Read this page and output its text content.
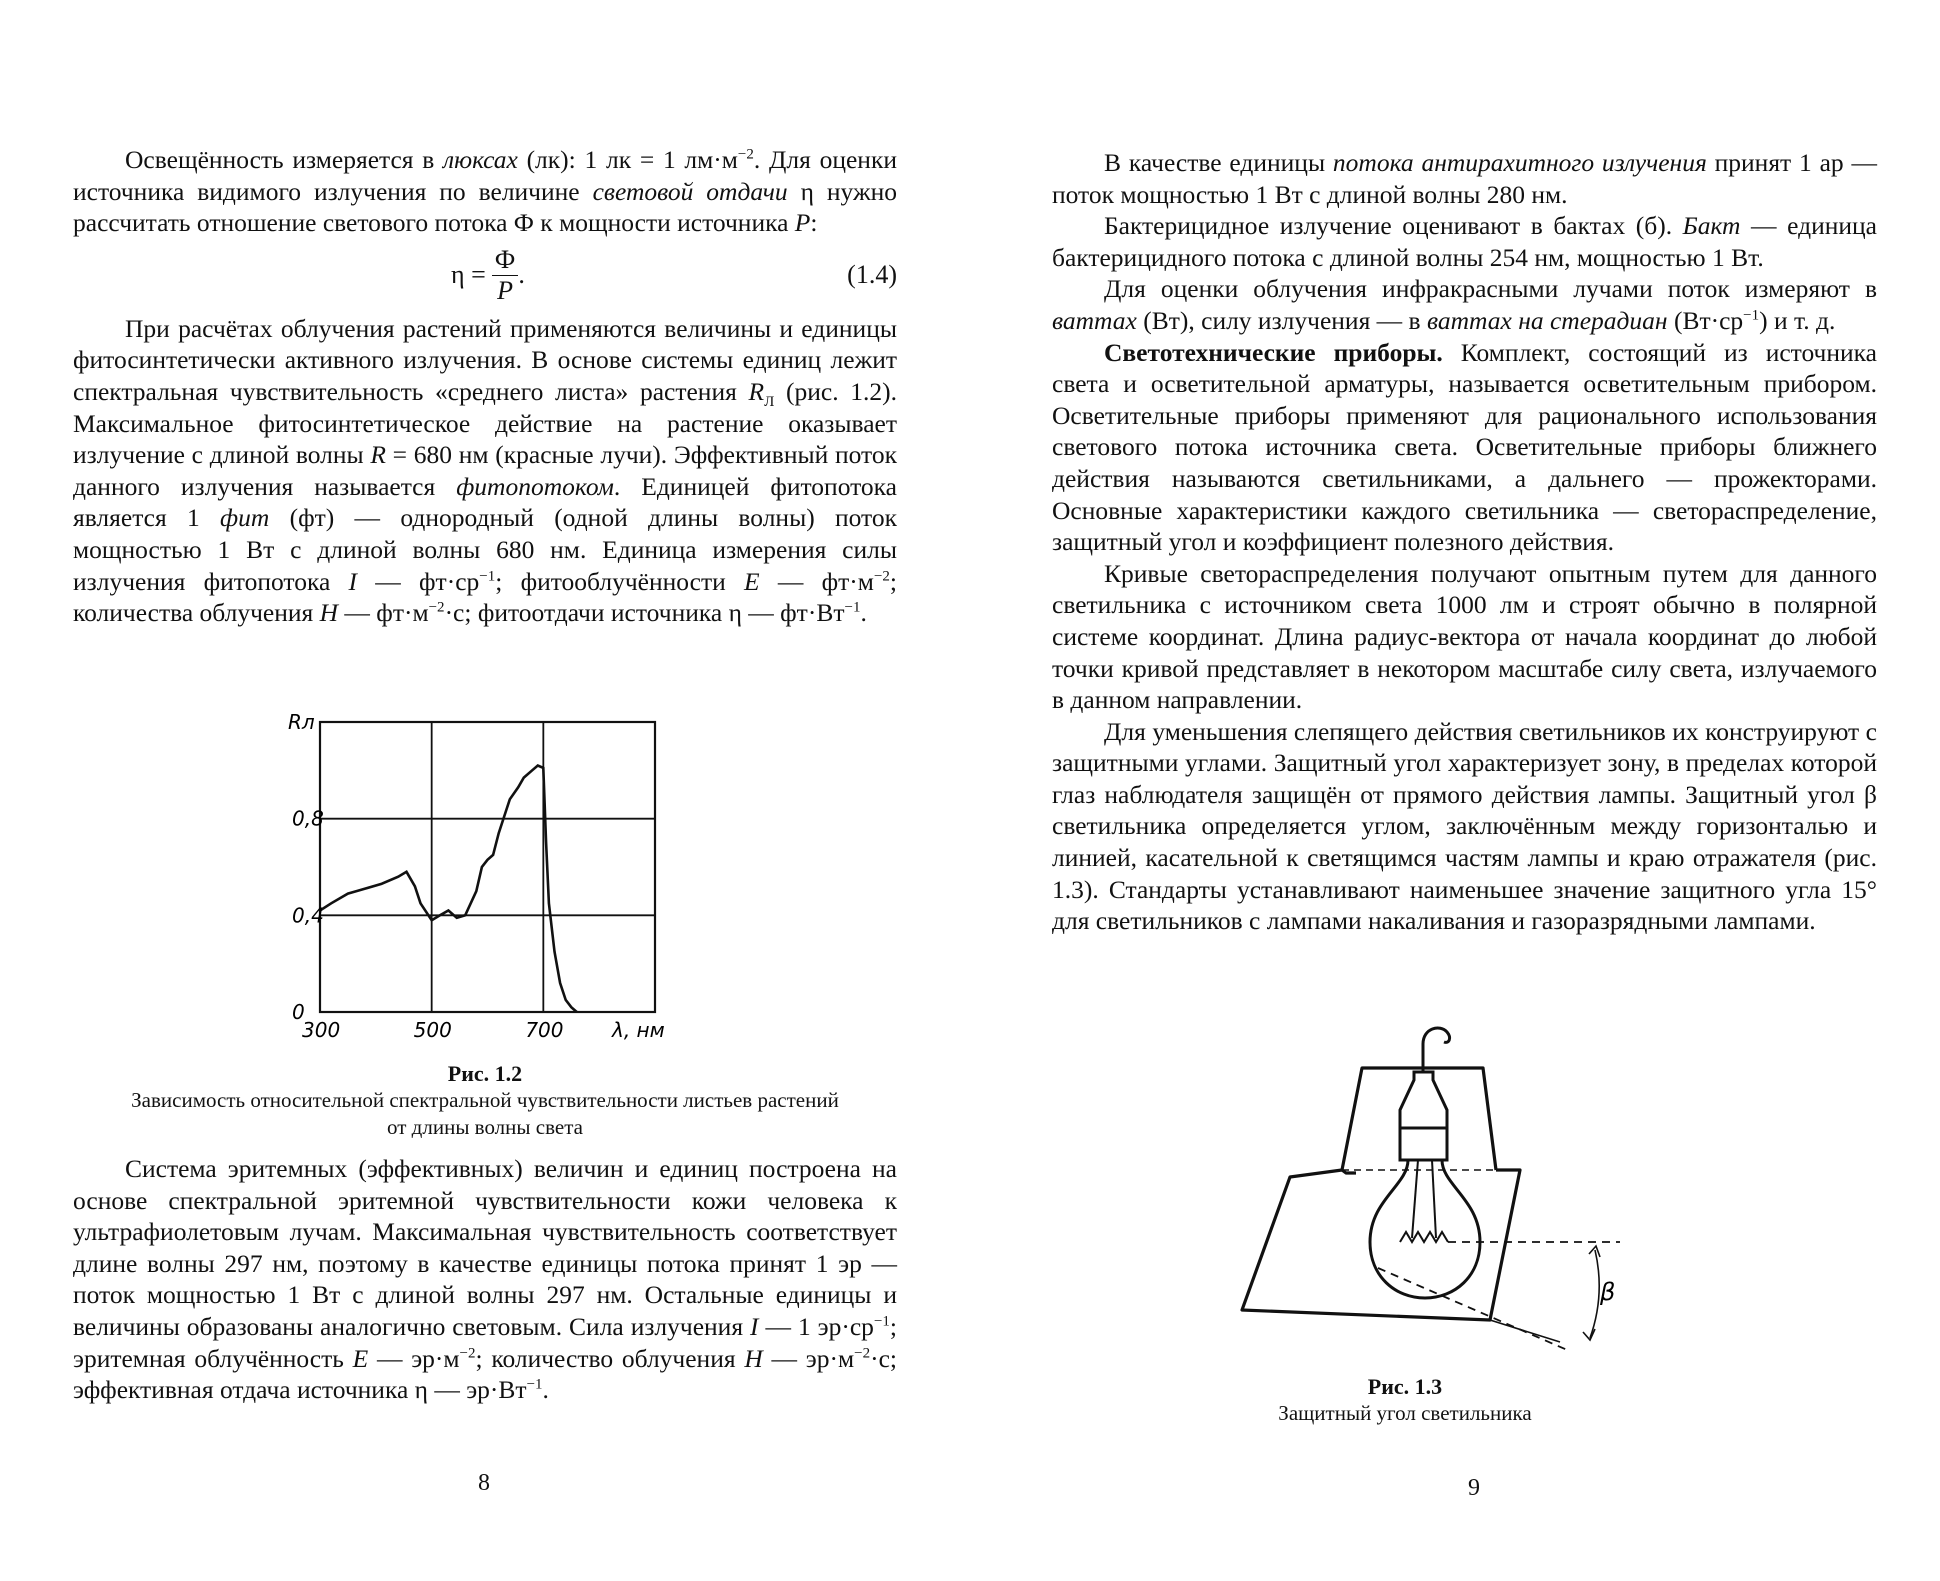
Освещённость измеряется в люксах (лк): 1 лк = 1 $лм\cdot м^{-2}$. Для оценки источника видимого излучения по величине световой отдачи η нужно рассчитать отношение светового потока Ф к мощности источника P:

$\eta = \frac{Ф}{P}$ .	(1.4)

При расчётах облучения растений применяются величины и единицы фитосинтетически активного излучения. В основе системы единиц лежит спектральная чувствительность «среднего листа» растения $R_Л$ (рис. 1.2). Максимальное фитосинтетическое действие на растение оказывает излучение с длиной волны R = 680 нм (красные лучи). Эффективный поток данного излучения называется фитопотоком. Единицей фитопотока является 1 фит (фт) — однородный (одной длины волны) поток мощностью 1 Вт с длиной волны 680 нм. Единица измерения силы излучения фитопотока I — $фт\cdot ср^{-1}$; фитооблучённости E — $фт\cdot м^{-2}$; количества облучения H — $фт\cdot м^{-2}\cdot с$; фитоотдачи источника η — $фт\cdot Вт^{-1}$.

300	500	700
0
0,4
0,8
Rл
λ, нм
Рис. 1.2
Зависимость относительной спектральной чувствительности листьев растений
от длины волны света

Система эритемных (эффективных) величин и единиц построена на основе спектральной эритемной чувствительности кожи человека к ультрафиолетовым лучам. Максимальная чувствительность соответствует длине волны 297 нм, поэтому в качестве единицы потока принят 1 эр — поток мощностью 1 Вт с длиной волны 297 нм. Остальные единицы и величины образованы аналогично световым. Сила излучения I — 1 $эр\cdot ср^{-1}$; эритемная облучённость E — $эр\cdot м^{-2}$; количество облучения H — $эр\cdot м^{-2}\cdot с$; эффективная отдача источника η — $эр\cdot Вт^{-1}$.

8

В качестве единицы потока антирахитного излучения принят 1 ар — поток мощностью 1 Вт с длиной волны 280 нм.

Бактерицидное излучение оценивают в бактах (б). Бакт — единица бактерицидного потока с длиной волны 254 нм, мощностью 1 Вт.

Для оценки облучения инфракрасными лучами поток измеряют в ваттах (Вт), силу излучения — в ваттах на стерадиан $(Вт\cdot ср^{-1})$ и т. д.

Светотехнические приборы. Комплект, состоящий из источника света и осветительной арматуры, называется осветительным прибором. Осветительные приборы применяют для рационального использования светового потока источника света. Осветительные приборы ближнего действия называются светильниками, а дальнего — прожекторами. Основные характеристики каждого светильника — светораспределение, защитный угол и коэффициент полезного действия.

Кривые светораспределения получают опытным путем для данного светильника с источником света 1000 лм и строят обычно в полярной системе координат. Длина радиус-вектора от начала координат до любой точки кривой представляет в некотором масштабе силу света, излучаемого в данном направлении.

Для уменьшения слепящего действия светильников их конструируют с защитными углами. Защитный угол характеризует зону, в пределах которой глаз наблюдателя защищён от прямого действия лампы. Защитный угол β светильника определяется углом, заключённым между горизонталью и линией, касательной к светящимся частям лампы и краю отражателя (рис. 1.3). Стандарты устанавливают наименьшее значение защитного угла 15° для светильников с лампами накаливания и газоразрядными лампами.

β
Рис. 1.3
Защитный угол светильника
9
